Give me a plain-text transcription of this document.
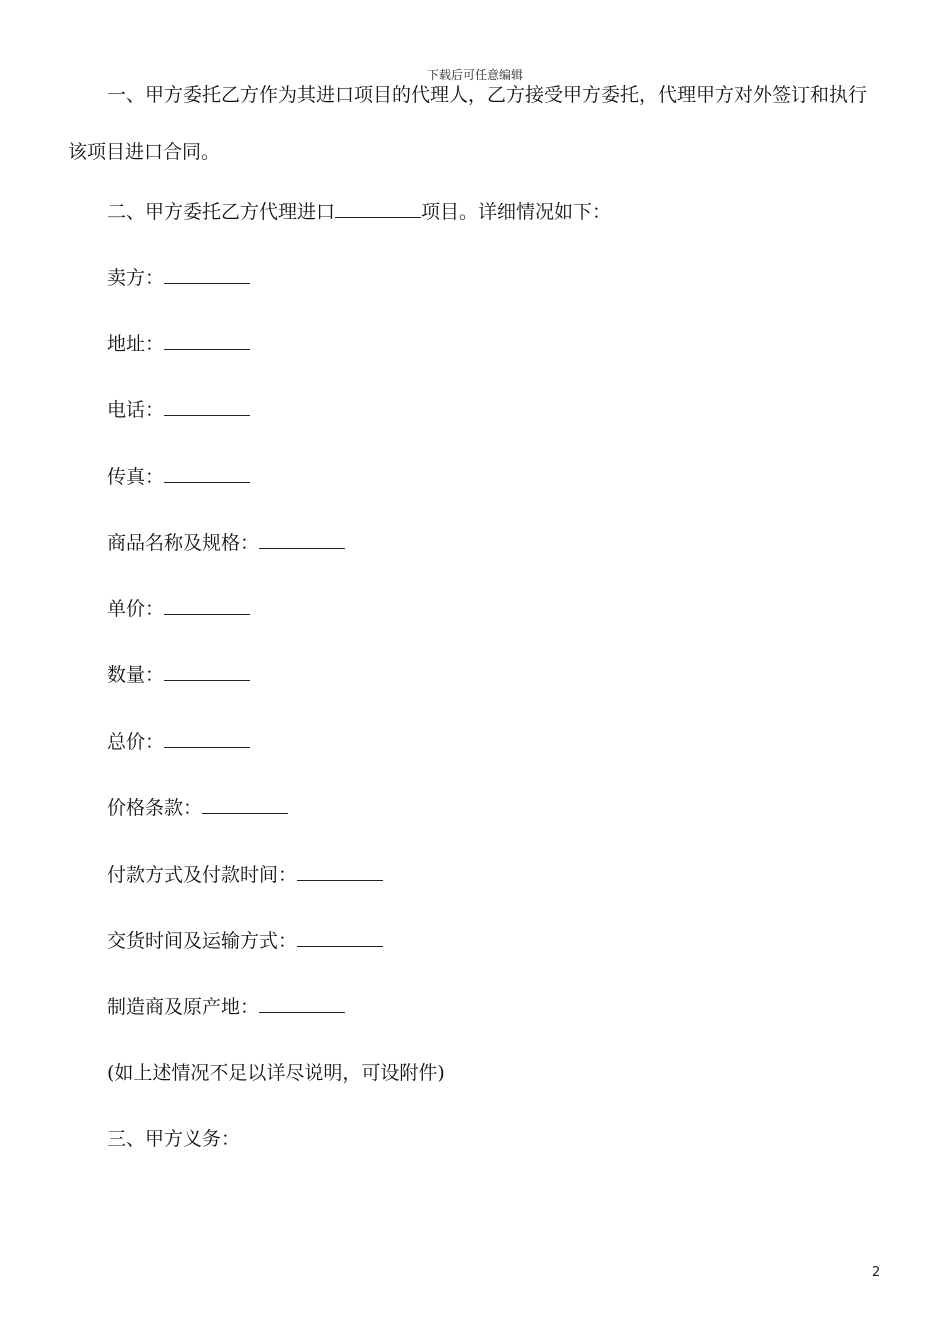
下载后可任意编辑
一、甲方委托乙方作为其进口项目的代理人，乙方接受甲方委托，代理甲方对外签订和执行
该项目进口合同。
二、甲方委托乙方代理进口	项目。详细情况如下：
卖方：
地址：
电话：
传真：
商品名称及规格：
单价：
数量：
总价：
价格条款：
付款方式及付款时间：
交货时间及运输方式：
制造商及原产地：
(如上述情况不足以详尽说明，可设附件)
三、甲方义务：
2
